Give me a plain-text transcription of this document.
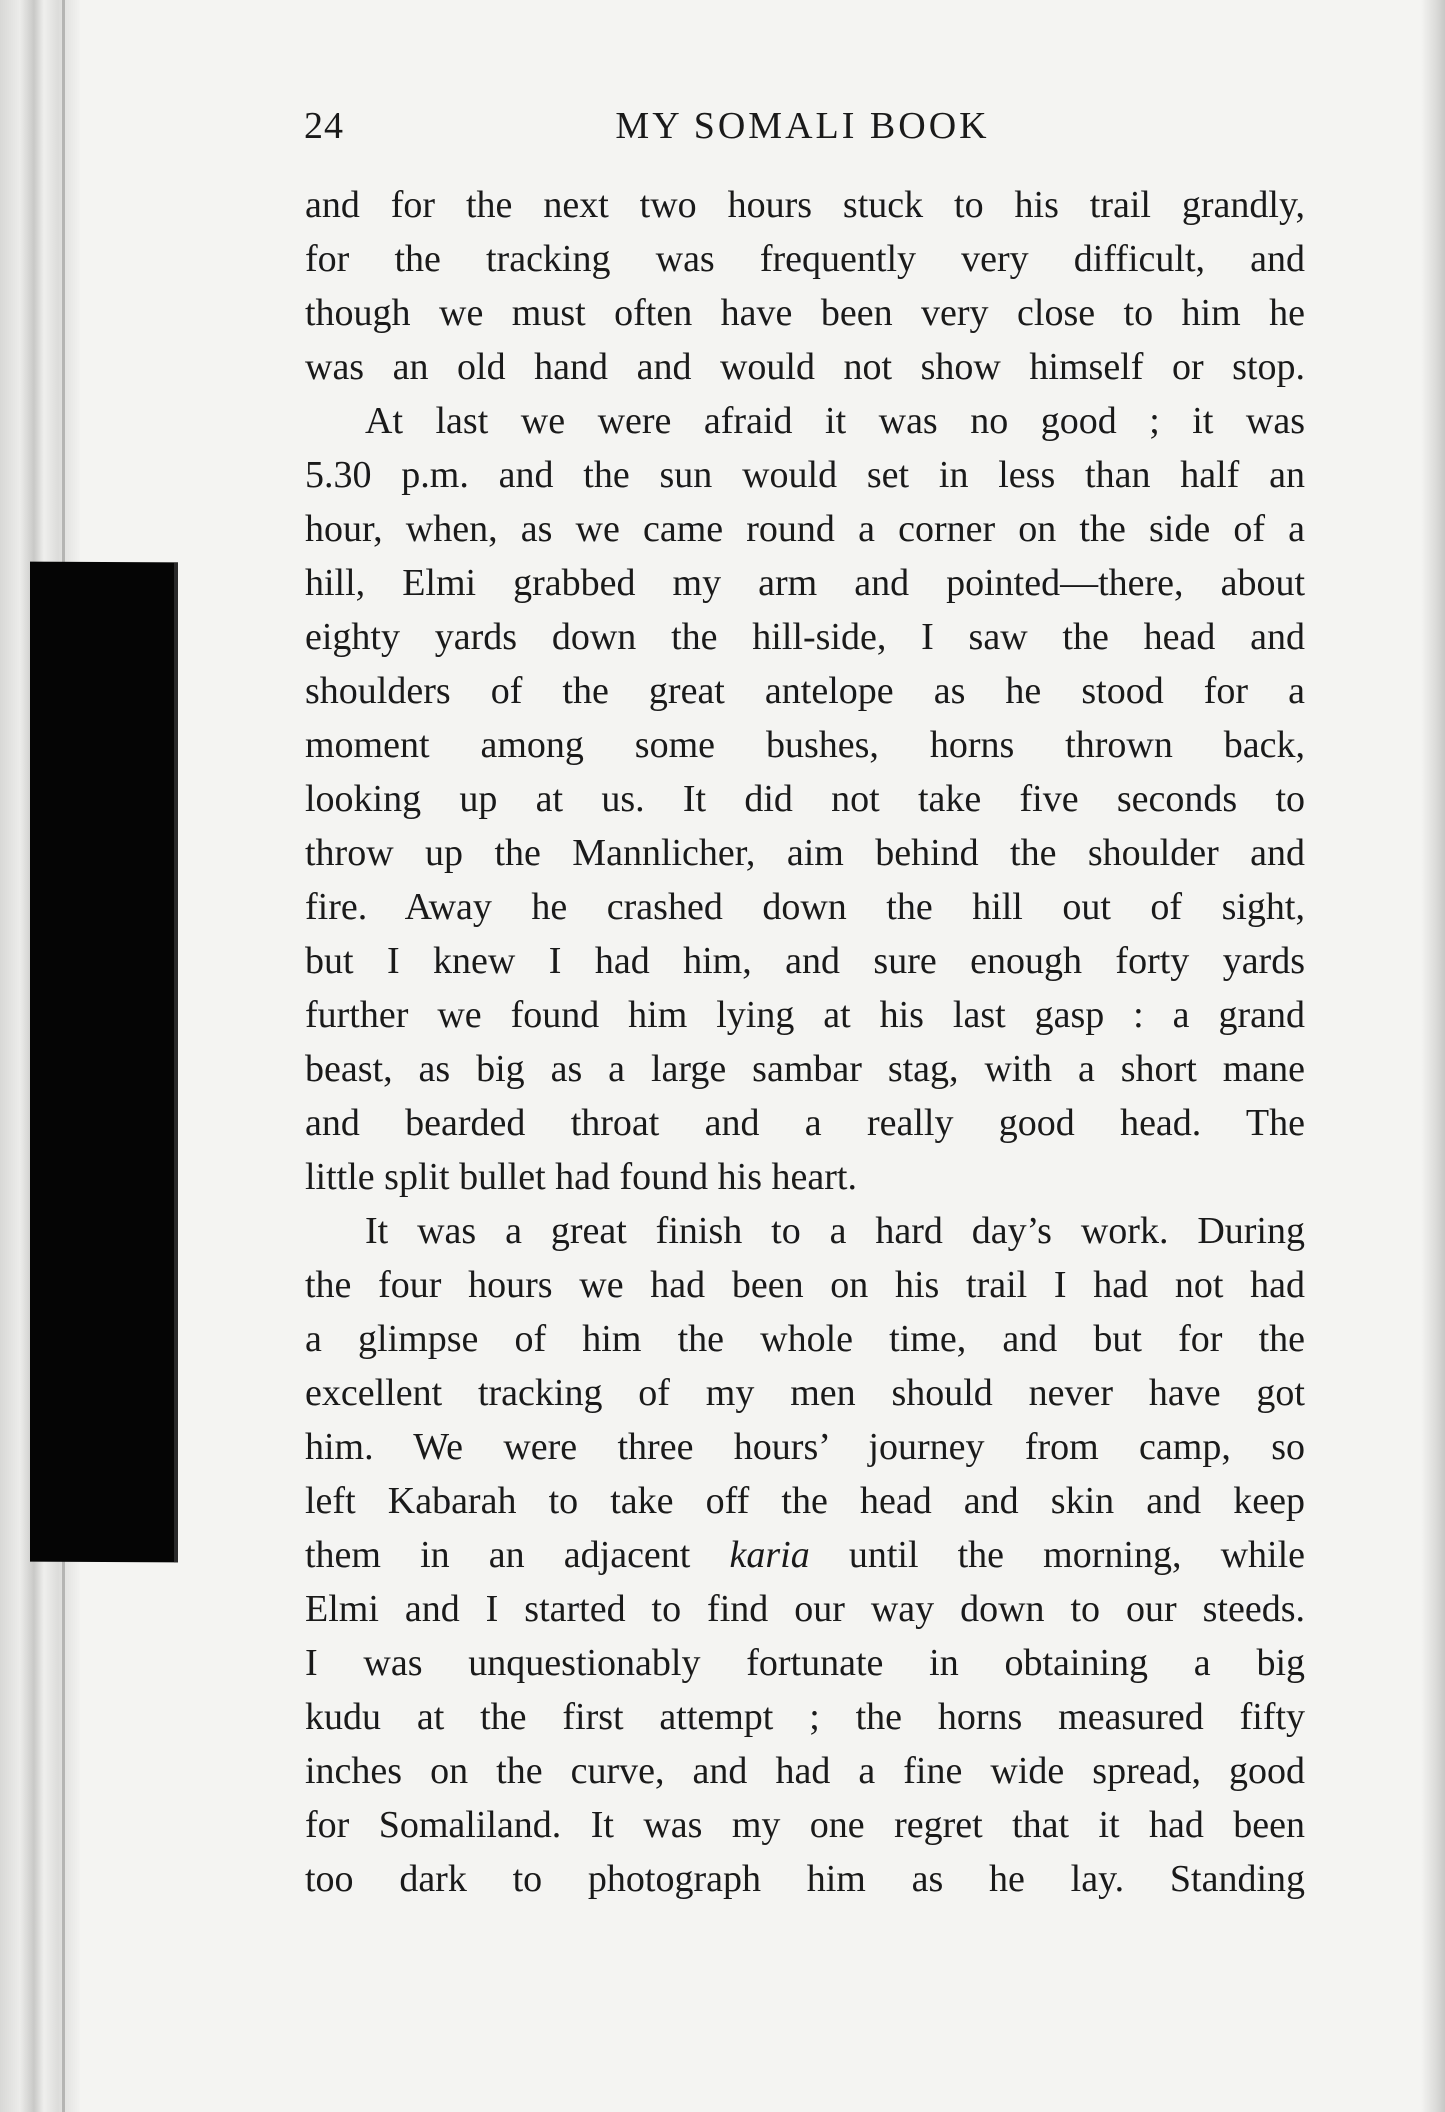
24	MY SOMALI BOOK
and for the next two hours stuck to his trail grandly,
for the tracking was frequently very difficult, and
though we must often have been very close to him he
was an old hand and would not show himself or stop.
At last we were afraid it was no good ; it was
5.30 p.m. and the sun would set in less than half an
hour, when, as we came round a corner on the side of a
hill, Elmi grabbed my arm and pointed—there, about
eighty yards down the hill-side, I saw the head and
shoulders of the great antelope as he stood for a
moment among some bushes, horns thrown back,
looking up at us. It did not take five seconds to
throw up the Mannlicher, aim behind the shoulder and
fire. Away he crashed down the hill out of sight,
but I knew I had him, and sure enough forty yards
further we found him lying at his last gasp : a grand
beast, as big as a large sambar stag, with a short mane
and bearded throat and a really good head. The
little split bullet had found his heart.
It was a great finish to a hard day’s work. During
the four hours we had been on his trail I had not had
a glimpse of him the whole time, and but for the
excellent tracking of my men should never have got
him. We were three hours’ journey from camp, so
left Kabarah to take off the head and skin and keep
them in an adjacent karia until the morning, while
Elmi and I started to find our way down to our steeds.
I was unquestionably fortunate in obtaining a big
kudu at the first attempt ; the horns measured fifty
inches on the curve, and had a fine wide spread, good
for Somaliland. It was my one regret that it had been
too dark to photograph him as he lay. Standing
